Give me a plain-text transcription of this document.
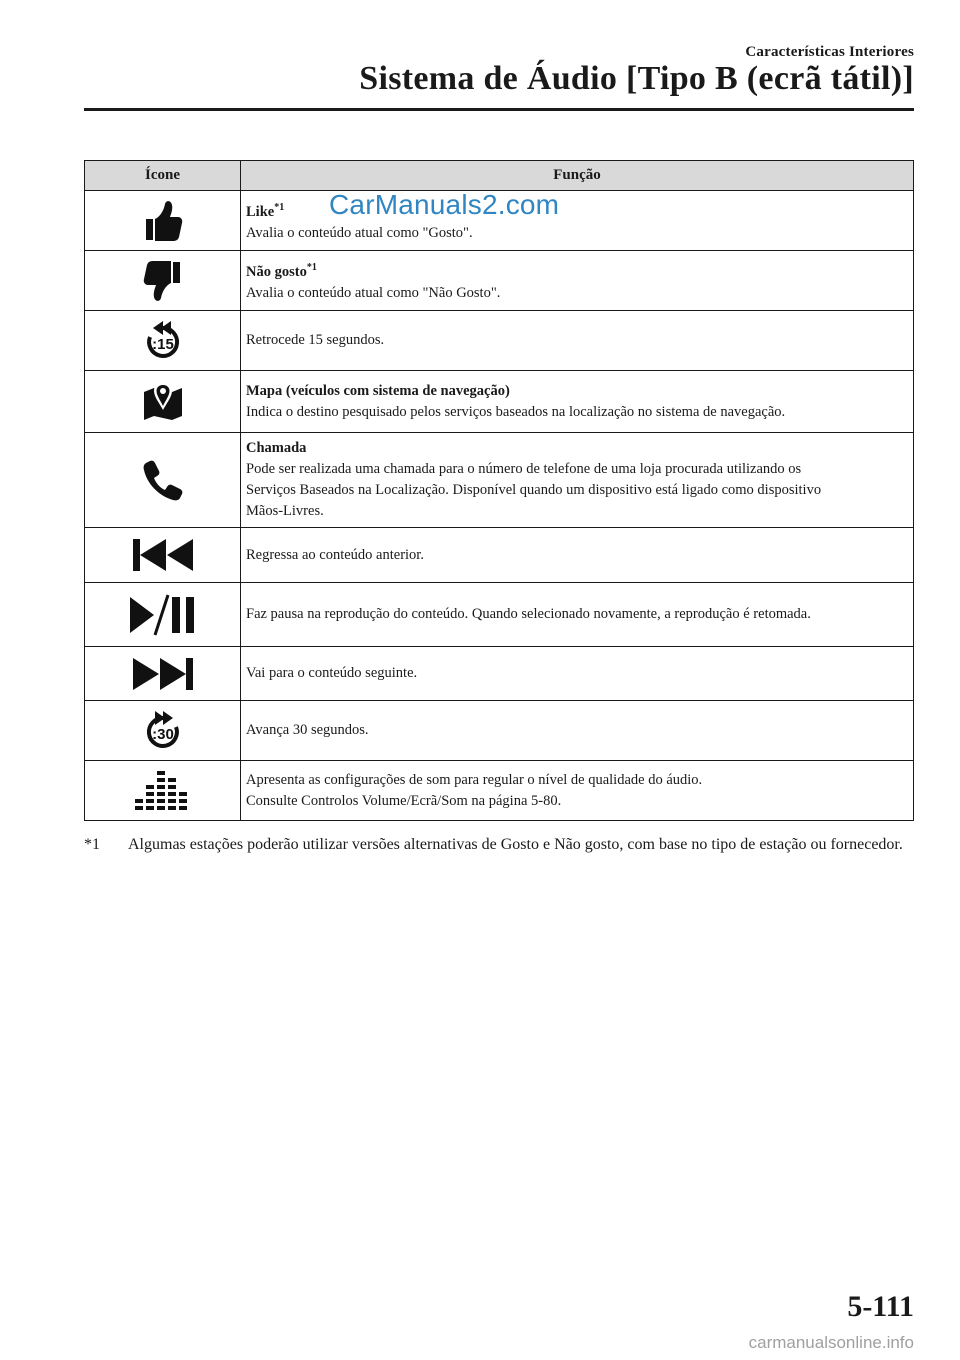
Características Interiores
Sistema de Áudio [Tipo B (ecrã tátil)]
Ícone	Função

Like$^{*1}$
Avalia o conteúdo atual como "Gosto".

Não gosto$^{*1}$
Avalia o conteúdo atual como "Não Gosto".

:15	Retrocede 15 segundos.

Mapa (veículos com sistema de navegação)
Indica o destino pesquisado pelos serviços baseados na localização no sistema de navegação.

Chamada
Pode ser realizada uma chamada para o número de telefone de uma loja procurada utilizando os
Serviços Baseados na Localização. Disponível quando um dispositivo está ligado como dispositivo
Mãos-Livres.

Regressa ao conteúdo anterior.

Faz pausa na reprodução do conteúdo. Quando selecionado novamente, a reprodução é retomada.

Vai para o conteúdo seguinte.

:30	Avança 30 segundos.

Apresenta as configurações de som para regular o nível de qualidade do áudio.
Consulte Controlos Volume/Ecrã/Som na página 5-80.
CarManuals2.com
*1	Algumas estações poderão utilizar versões alternativas de Gosto e Não gosto, com base no tipo de estação ou fornecedor.
5-111
carmanualsonline.info
